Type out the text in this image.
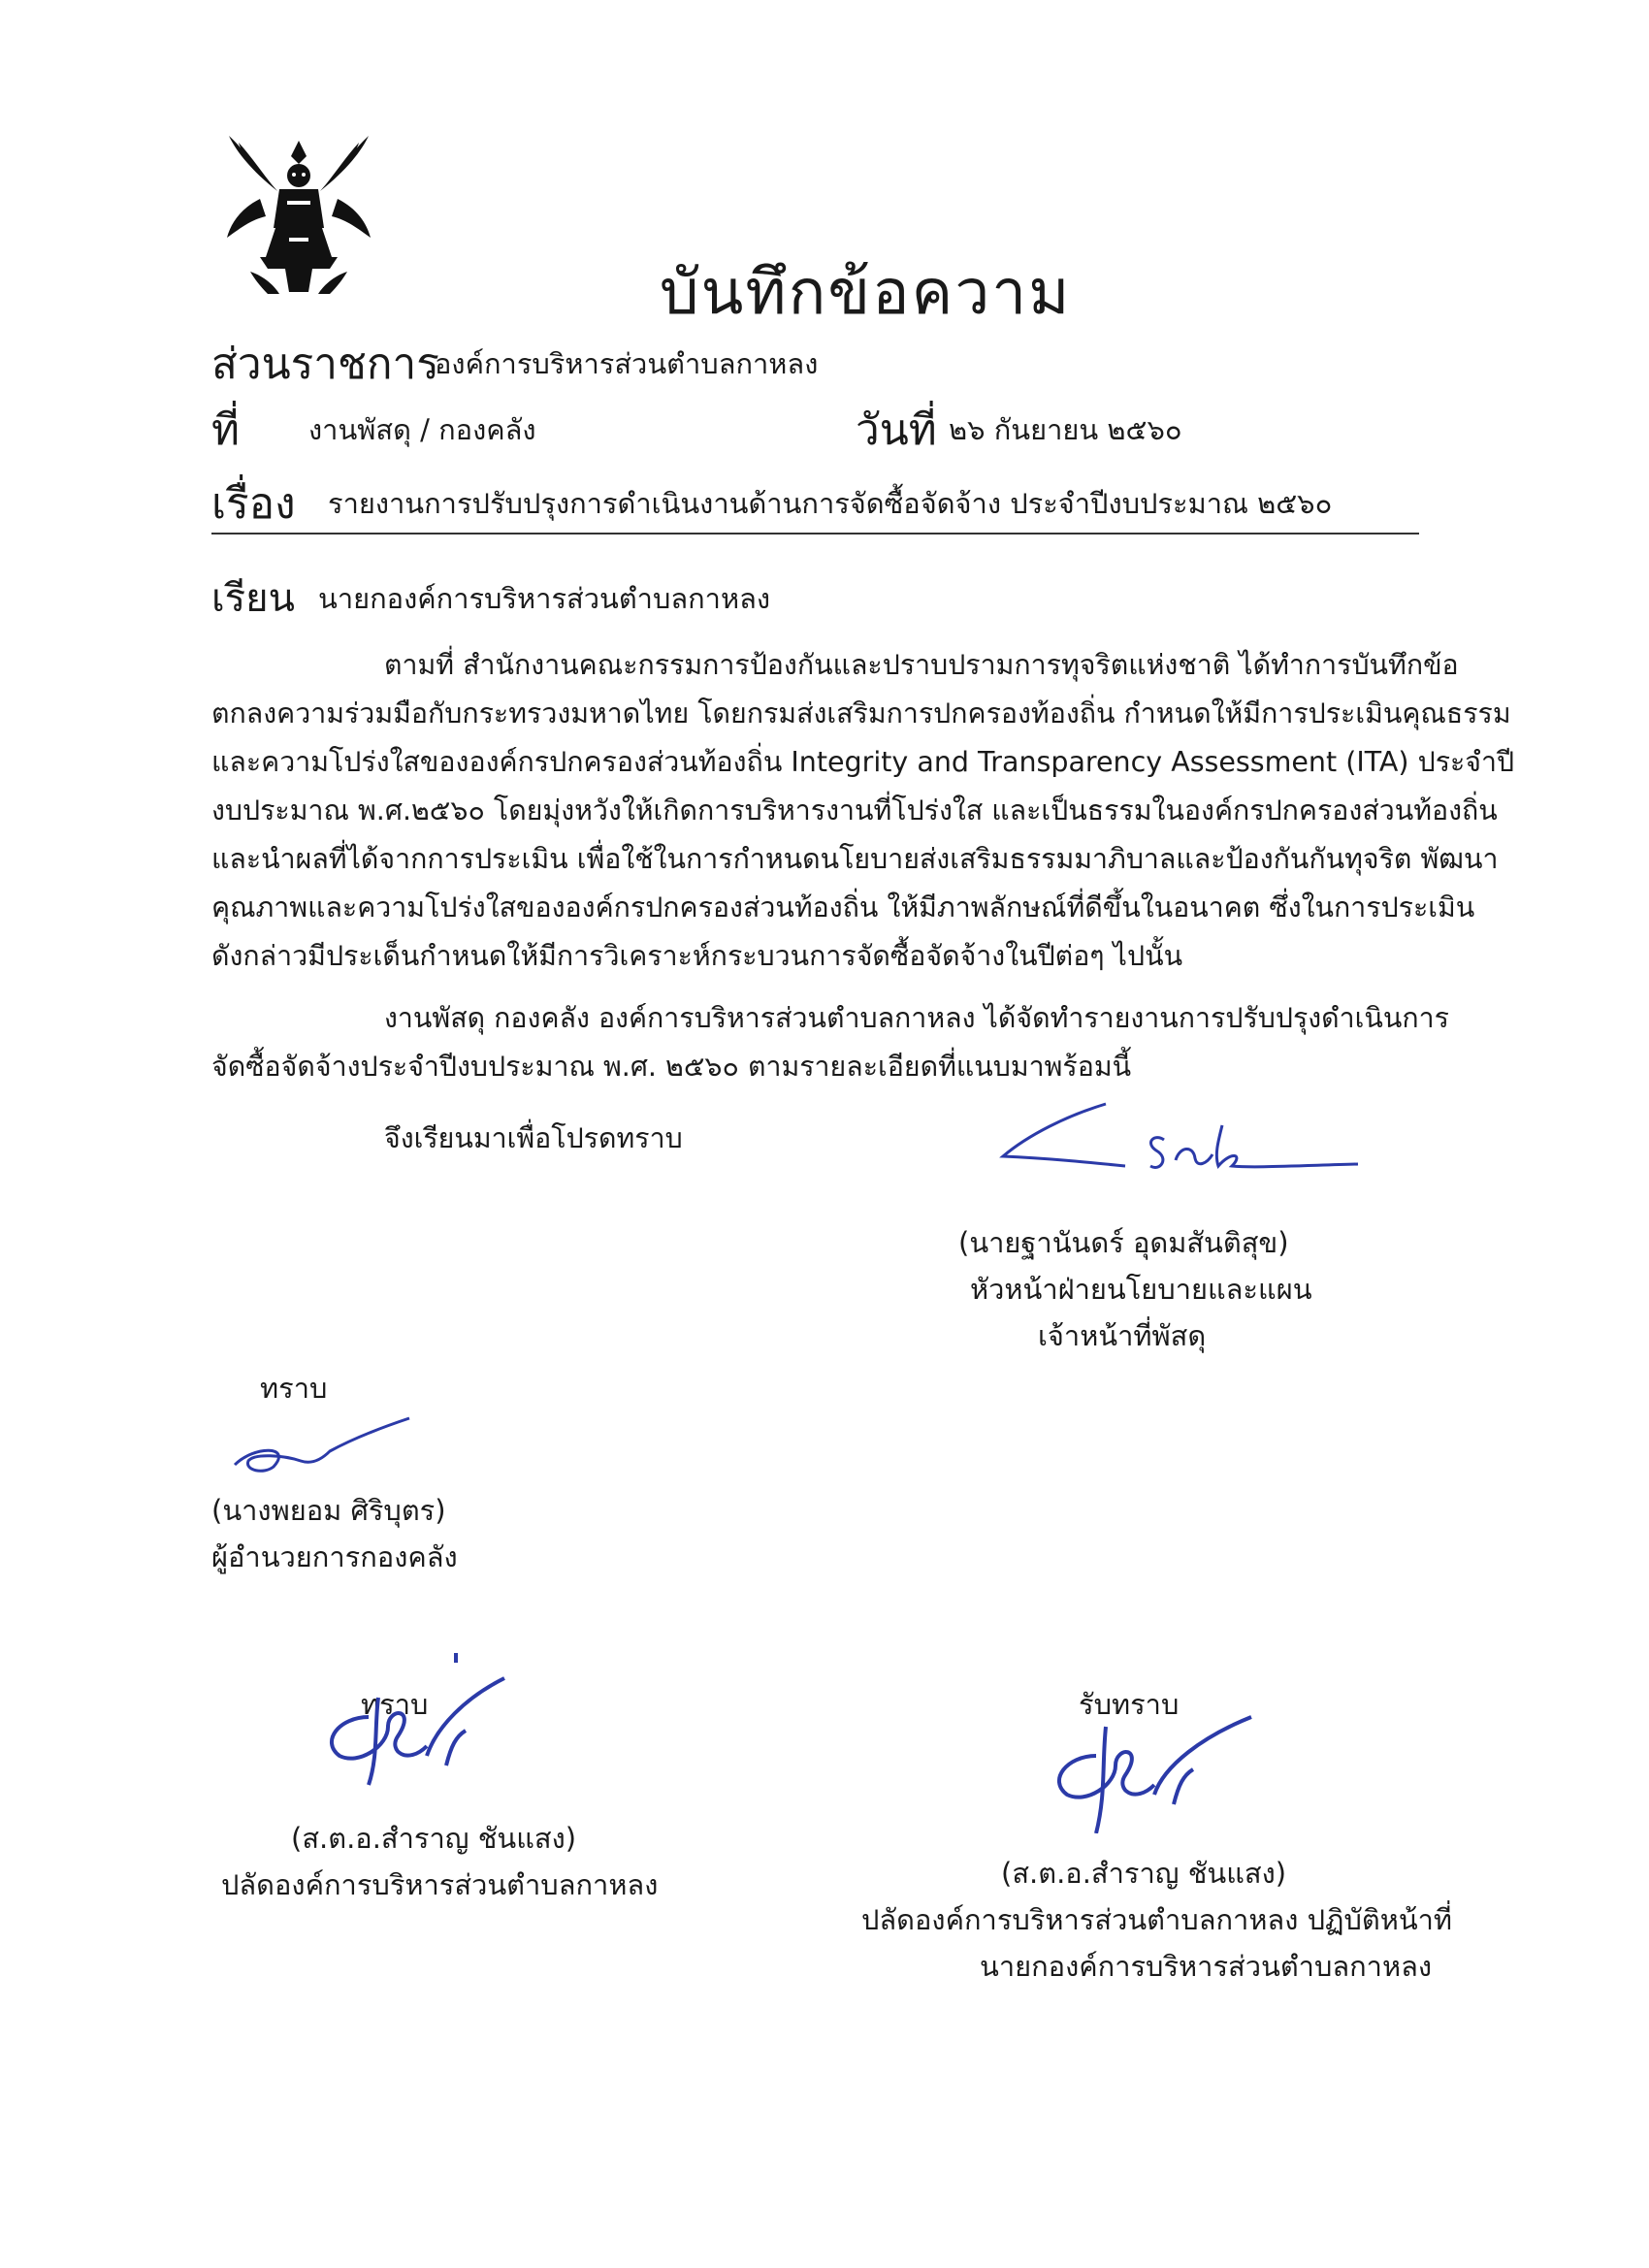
บันทึกข้อความ
ส่วนราชการ
องค์การบริหารส่วนตำบลกาหลง
ที่ งานพัสดุ / กองคลัง	วันที่ ๒๖ กันยายน ๒๕๖๐
เรื่อง รายงานการปรับปรุงการดำเนินงานด้านการจัดซื้อจัดจ้าง ประจำปีงบประมาณ ๒๕๖๐
เรียน นายกองค์การบริหารส่วนตำบลกาหลง
ตามที่ สำนักงานคณะกรรมการป้องกันและปราบปรามการทุจริตแห่งชาติ ได้ทำการบันทึกข้อ
ตกลงความร่วมมือกับกระทรวงมหาดไทย โดยกรมส่งเสริมการปกครองท้องถิ่น กำหนดให้มีการประเมินคุณธรรม
และความโปร่งใสขององค์กรปกครองส่วนท้องถิ่น Integrity and Transparency Assessment (ITA) ประจำปี
งบประมาณ พ.ศ.๒๕๖๐ โดยมุ่งหวังให้เกิดการบริหารงานที่โปร่งใส และเป็นธรรมในองค์กรปกครองส่วนท้องถิ่น
และนำผลที่ได้จากการประเมิน เพื่อใช้ในการกำหนดนโยบายส่งเสริมธรรมมาภิบาลและป้องกันกันทุจริต พัฒนา
คุณภาพและความโปร่งใสขององค์กรปกครองส่วนท้องถิ่น ให้มีภาพลักษณ์ที่ดีขึ้นในอนาคต ซึ่งในการประเมิน
ดังกล่าวมีประเด็นกำหนดให้มีการวิเคราะห์กระบวนการจัดซื้อจัดจ้างในปีต่อๆ ไปนั้น
งานพัสดุ กองคลัง องค์การบริหารส่วนตำบลกาหลง ได้จัดทำรายงานการปรับปรุงดำเนินการ
จัดซื้อจัดจ้างประจำปีงบประมาณ พ.ศ. ๒๕๖๐ ตามรายละเอียดที่แนบมาพร้อมนี้
จึงเรียนมาเพื่อโปรดทราบ
(นายฐานันดร์ อุดมสันติสุข)
หัวหน้าฝ่ายนโยบายและแผน
เจ้าหน้าที่พัสดุ
ทราบ
(นางพยอม ศิริบุตร)
ผู้อำนวยการกองคลัง
ทราบ
(ส.ต.อ.สำราญ ชันแสง)
ปลัดองค์การบริหารส่วนตำบลกาหลง
รับทราบ
(ส.ต.อ.สำราญ ชันแสง)
ปลัดองค์การบริหารส่วนตำบลกาหลง ปฏิบัติหน้าที่
นายกองค์การบริหารส่วนตำบลกาหลง
